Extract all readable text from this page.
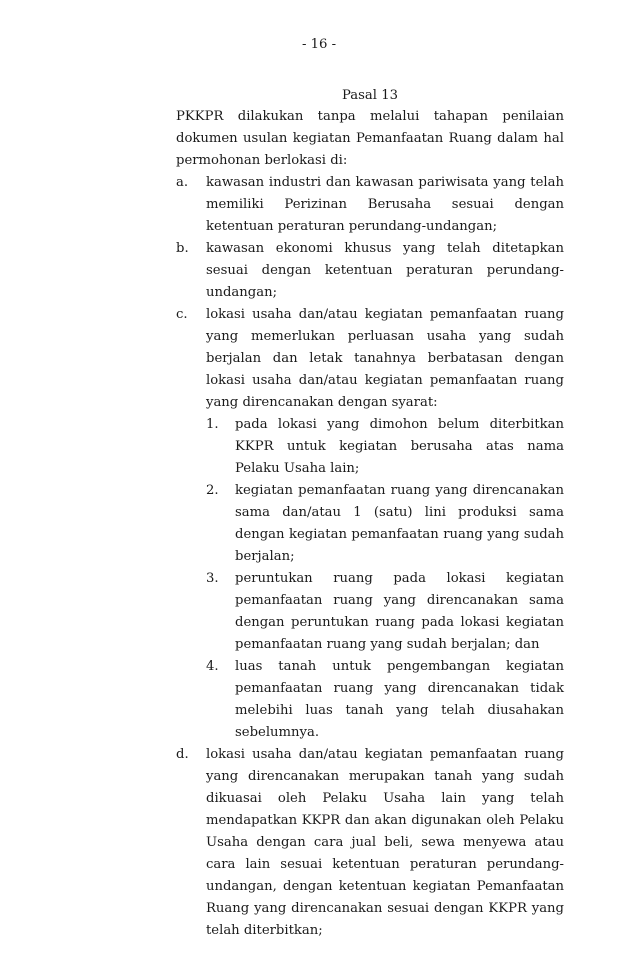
- 16 -
Pasal 13

PKKPR dilakukan tanpa melalui tahapan penilaian dokumen usulan kegiatan Pemanfaatan Ruang dalam hal permohonan berlokasi di:

a.	kawasan industri dan kawasan pariwisata yang telah memiliki Perizinan Berusaha sesuai dengan ketentuan peraturan perundang-undangan;
b.	kawasan ekonomi khusus yang telah ditetapkan sesuai dengan ketentuan peraturan perundang-undangan;
c.	lokasi usaha dan/atau kegiatan pemanfaatan ruang yang memerlukan perluasan usaha yang sudah berjalan dan letak tanahnya berbatasan dengan lokasi usaha dan/atau kegiatan pemanfaatan ruang yang direncanakan dengan syarat:
1.	pada lokasi yang dimohon belum diterbitkan KKPR untuk kegiatan berusaha atas nama Pelaku Usaha lain;
2.	kegiatan pemanfaatan ruang yang direncanakan sama dan/atau 1 (satu) lini produksi sama dengan kegiatan pemanfaatan ruang yang sudah berjalan;
3.	peruntukan ruang pada lokasi kegiatan pemanfaatan ruang yang direncanakan sama dengan peruntukan ruang pada lokasi kegiatan pemanfaatan ruang yang sudah berjalan; dan
4.	luas tanah untuk pengembangan kegiatan pemanfaatan ruang yang direncanakan tidak melebihi luas tanah yang telah diusahakan sebelumnya.
d.	lokasi usaha dan/atau kegiatan pemanfaatan ruang yang direncanakan merupakan tanah yang sudah dikuasai oleh Pelaku Usaha lain yang telah mendapatkan KKPR dan akan digunakan oleh Pelaku Usaha dengan cara jual beli, sewa menyewa atau cara lain sesuai ketentuan peraturan perundang-undangan, dengan ketentuan kegiatan Pemanfaatan Ruang yang direncanakan sesuai dengan KKPR yang telah diterbitkan;
